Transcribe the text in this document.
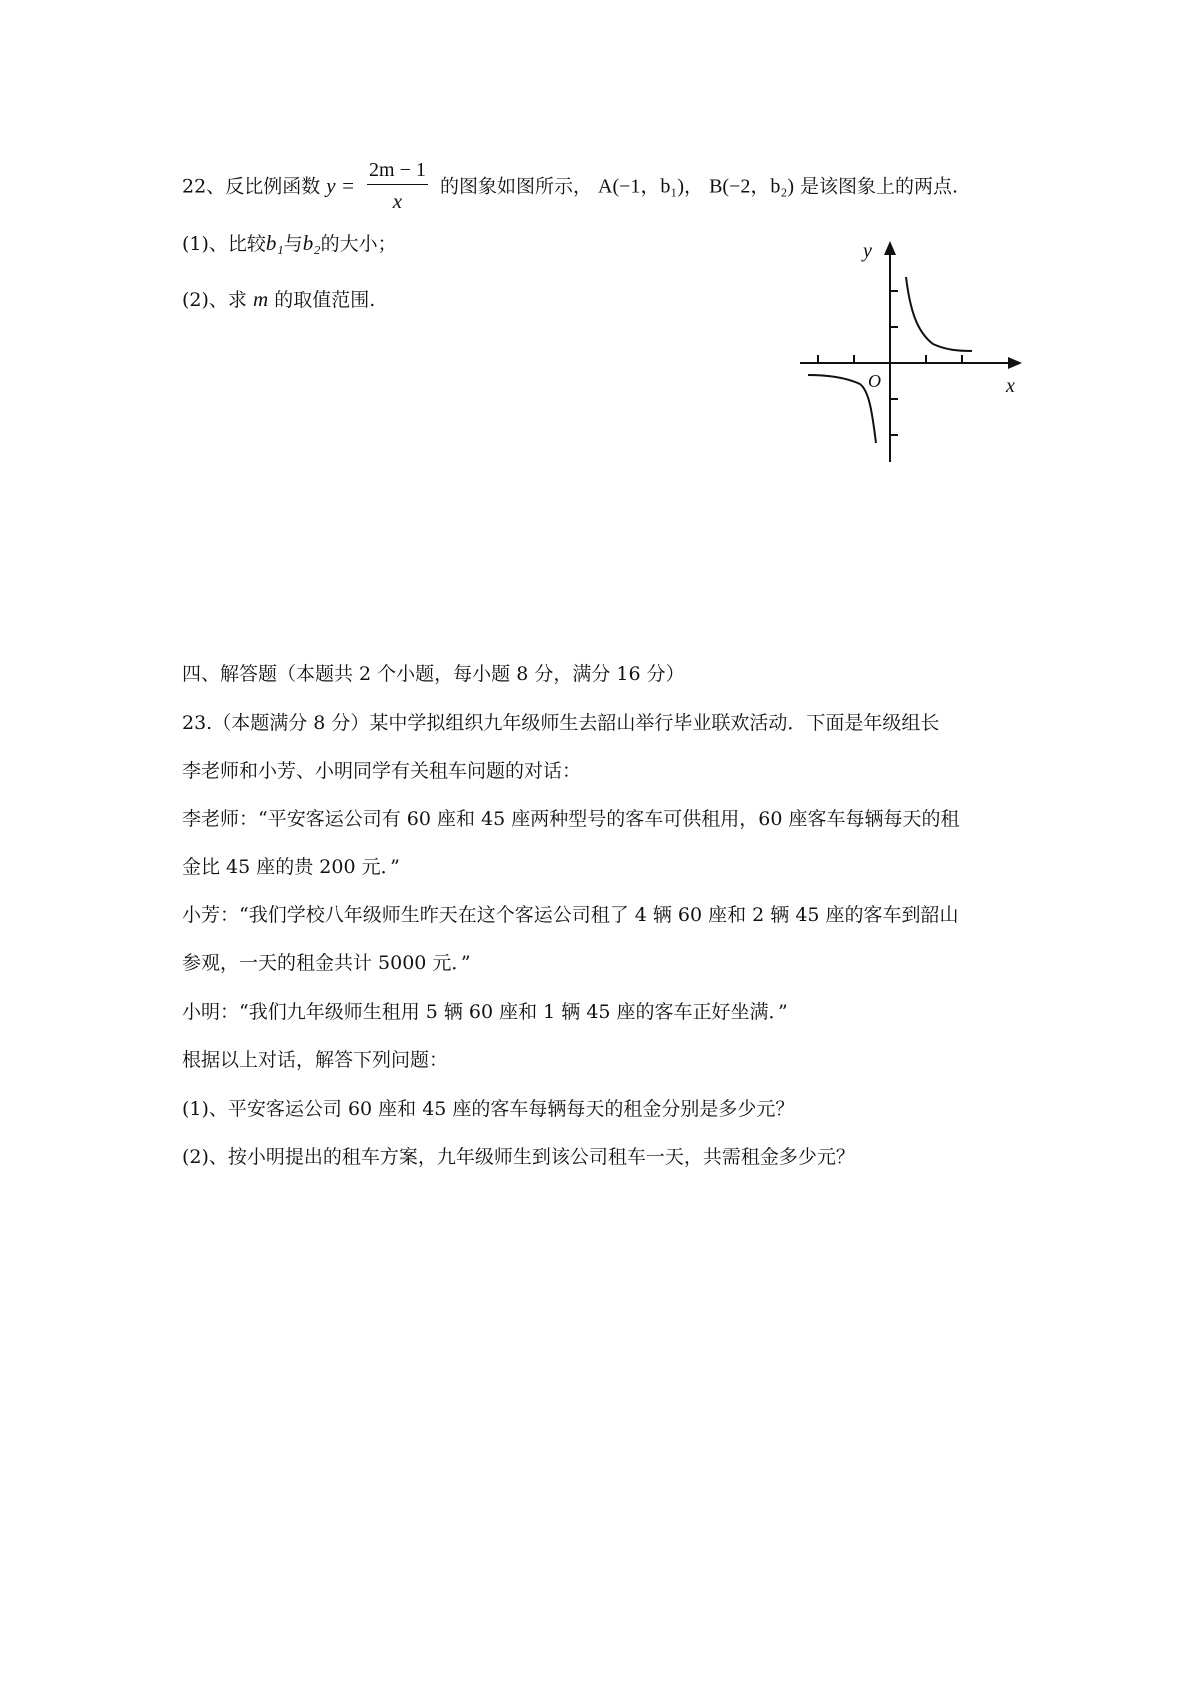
22、反比例函数 $y = \frac{2m - 1}{x}$ 的图象如图所示， A(−1，b₁)， B(−2，b₂) 是该图象上的两点.
(1)、比较b₁与b₂的大小；
(2)、求 m 的取值范围.
y
x
O
四、解答题（本题共 2 个小题，每小题 8 分，满分 16 分）
23.（本题满分 8 分）某中学拟组织九年级师生去韶山举行毕业联欢活动．下面是年级组长
李老师和小芳、小明同学有关租车问题的对话：
李老师：“平安客运公司有 60 座和 45 座两种型号的客车可供租用，60 座客车每辆每天的租
金比 45 座的贵 200 元．”
小芳：“我们学校八年级师生昨天在这个客运公司租了 4 辆 60 座和 2 辆 45 座的客车到韶山
参观，一天的租金共计 5000 元．”
小明：“我们九年级师生租用 5 辆 60 座和 1 辆 45 座的客车正好坐满．”
根据以上对话，解答下列问题：
(1)、平安客运公司 60 座和 45 座的客车每辆每天的租金分别是多少元？
(2)、按小明提出的租车方案，九年级师生到该公司租车一天，共需租金多少元？
